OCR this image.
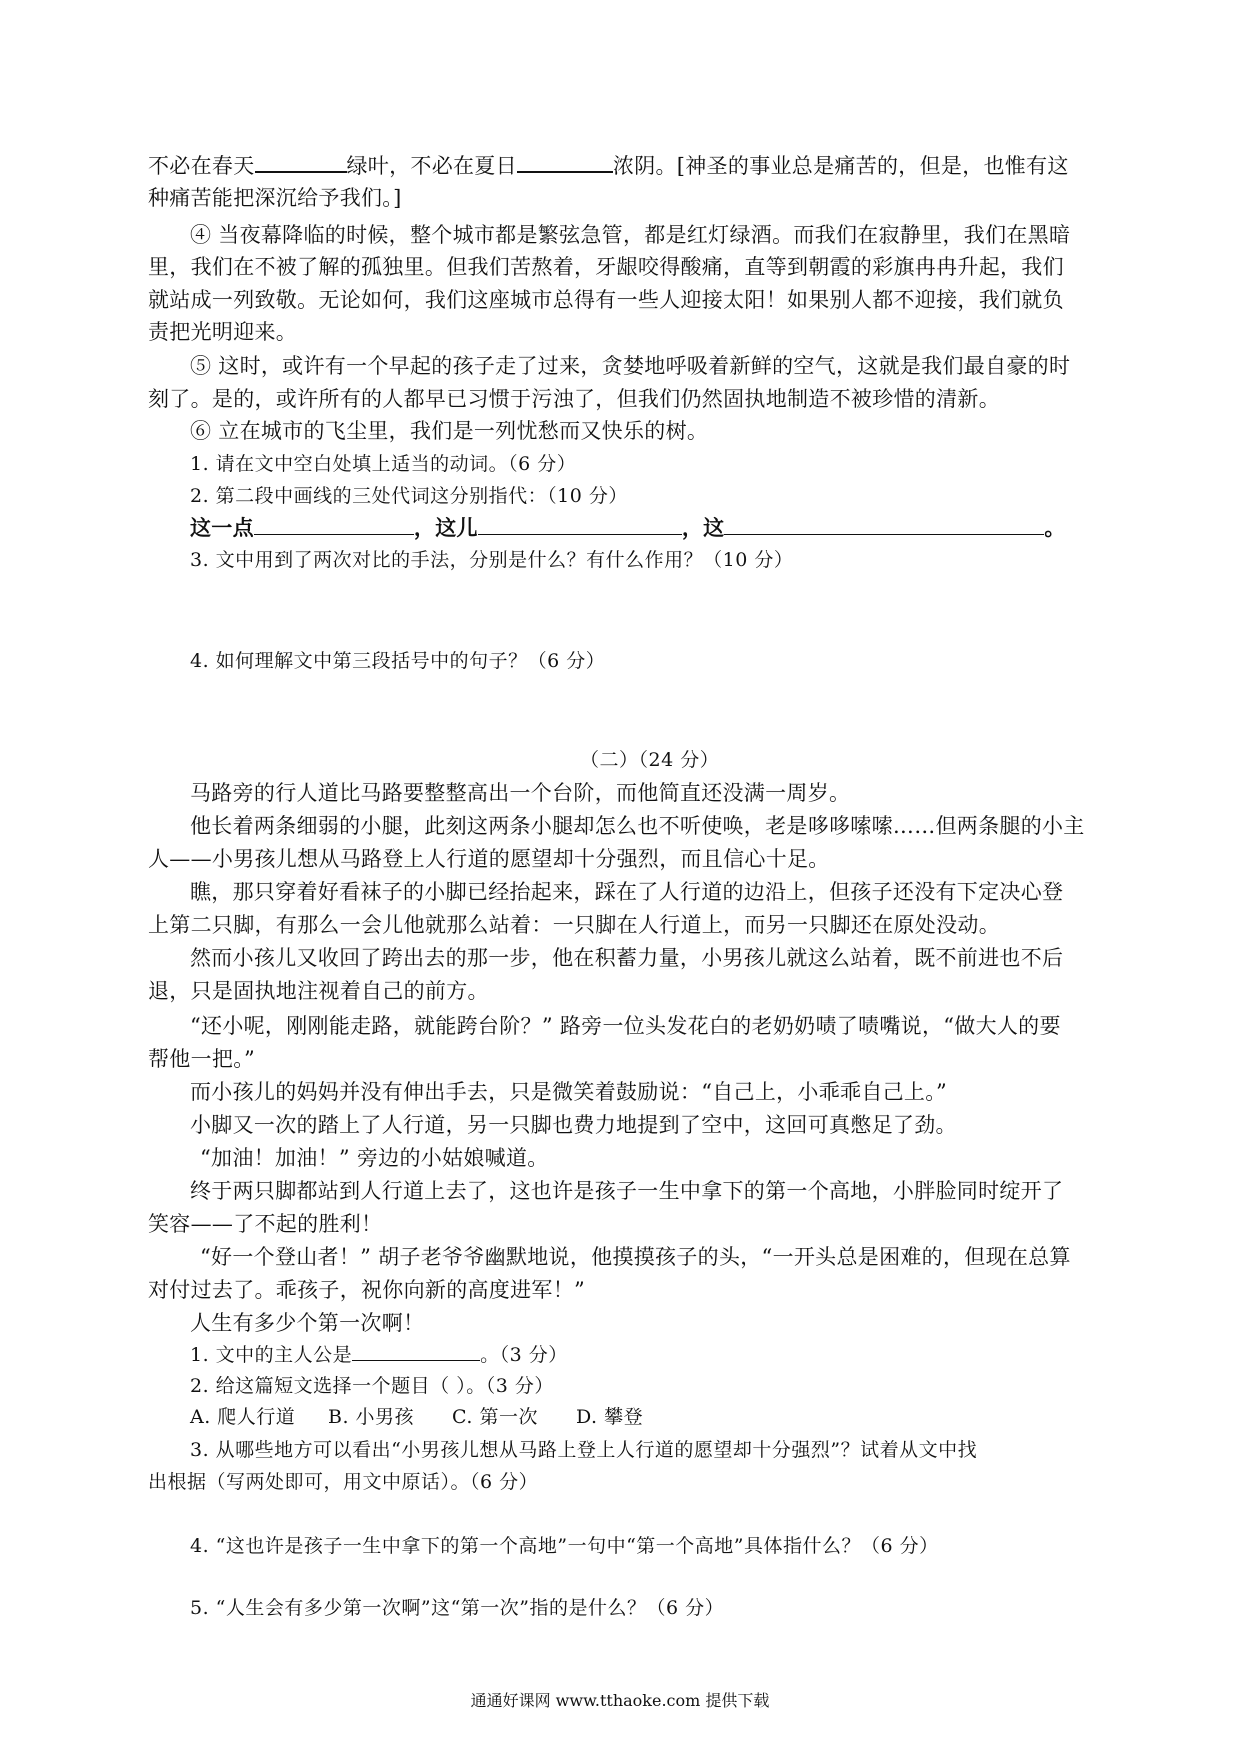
不必在春天	绿叶，不必在夏日	浓阴。[神圣的事业总是痛苦的，但是，也惟有这
种痛苦能把深沉给予我们。]
④ 当夜幕降临的时候，整个城市都是繁弦急管，都是红灯绿酒。而我们在寂静里，我们在黑暗
里，我们在不被了解的孤独里。但我们苦熬着，牙龈咬得酸痛，直等到朝霞的彩旗冉冉升起，我们
就站成一列致敬。无论如何，我们这座城市总得有一些人迎接太阳！如果别人都不迎接，我们就负
责把光明迎来。
⑤ 这时，或许有一个早起的孩子走了过来，贪婪地呼吸着新鲜的空气，这就是我们最自豪的时
刻了。是的，或许所有的人都早已习惯于污浊了，但我们仍然固执地制造不被珍惜的清新。
⑥ 立在城市的飞尘里，我们是一列忧愁而又快乐的树。
1. 请在文中空白处填上适当的动词。（6 分）
2. 第二段中画线的三处代词这分别指代：（10 分）
这一点	，这儿	，这	。
3. 文中用到了两次对比的手法，分别是什么？有什么作用？（10 分）
4. 如何理解文中第三段括号中的句子？（6 分）
（二）（24 分）
马路旁的行人道比马路要整整高出一个台阶，而他简直还没满一周岁。
他长着两条细弱的小腿，此刻这两条小腿却怎么也不听使唤，老是哆哆嗦嗦……但两条腿的小主
人——小男孩儿想从马路登上人行道的愿望却十分强烈，而且信心十足。
瞧，那只穿着好看袜子的小脚已经抬起来，踩在了人行道的边沿上，但孩子还没有下定决心登
上第二只脚，有那么一会儿他就那么站着：一只脚在人行道上，而另一只脚还在原处没动。
然而小孩儿又收回了跨出去的那一步，他在积蓄力量，小男孩儿就这么站着，既不前进也不后
退，只是固执地注视着自己的前方。
“还小呢，刚刚能走路，就能跨台阶？” 路旁一位头发花白的老奶奶啧了啧嘴说，“做大人的要
帮他一把。”
而小孩儿的妈妈并没有伸出手去，只是微笑着鼓励说：“自己上，小乖乖自己上。”
小脚又一次的踏上了人行道，另一只脚也费力地提到了空中，这回可真憋足了劲。
“加油！加油！” 旁边的小姑娘喊道。
终于两只脚都站到人行道上去了，这也许是孩子一生中拿下的第一个高地，小胖脸同时绽开了
笑容——了不起的胜利！
“好一个登山者！” 胡子老爷爷幽默地说，他摸摸孩子的头，“一开头总是困难的，但现在总算
对付过去了。乖孩子，祝你向新的高度进军！”
人生有多少个第一次啊！
1. 文中的主人公是	。（3 分）
2. 给这篇短文选择一个题目（ ）。（3 分）
A. 爬人行道 B. 小男孩 C. 第一次 D. 攀登
3. 从哪些地方可以看出“小男孩儿想从马路上登上人行道的愿望却十分强烈”？试着从文中找
出根据（写两处即可，用文中原话）。（6 分）
4. “这也许是孩子一生中拿下的第一个高地”一句中“第一个高地”具体指什么？（6 分）
5. “人生会有多少第一次啊”这“第一次”指的是什么？（6 分）
通通好课网 www.tthaoke.com 提供下载
